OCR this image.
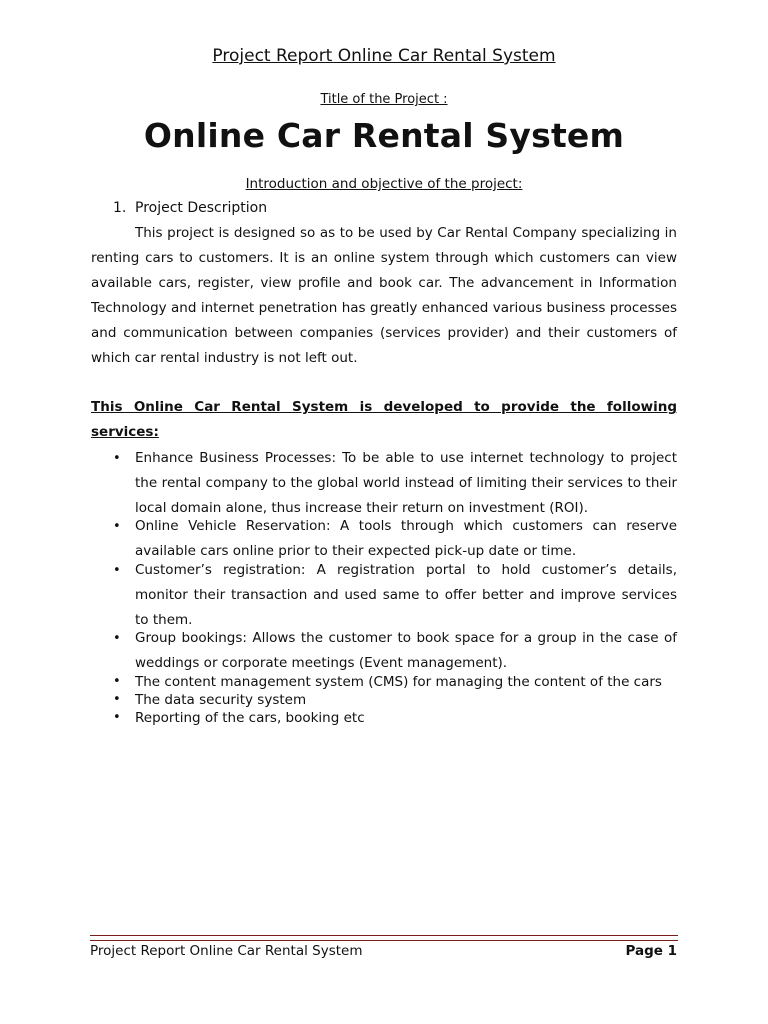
Project Report Online Car Rental System
Title of the Project :
Online Car Rental System
Introduction and objective of the project:
1. Project Description

This project is designed so as to be used by Car Rental Company specializing in renting cars to customers. It is an online system through which customers can view available cars, register, view profile and book car. The advancement in Information Technology and internet penetration has greatly enhanced various business processes and communication between companies (services provider) and their customers of which car rental industry is not left out.

This Online Car Rental System is developed to provide the following services:

• Enhance Business Processes: To be able to use internet technology to project the rental company to the global world instead of limiting their services to their local domain alone, thus increase their return on investment (ROI).
• Online Vehicle Reservation: A tools through which customers can reserve available cars online prior to their expected pick-up date or time.
• Customer’s registration: A registration portal to hold customer’s details, monitor their transaction and used same to offer better and improve services to them.
• Group bookings: Allows the customer to book space for a group in the case of weddings or corporate meetings (Event management).
• The content management system (CMS) for managing the content of the cars
• The data security system
• Reporting of the cars, booking etc
Project Report Online Car Rental System	Page 1
